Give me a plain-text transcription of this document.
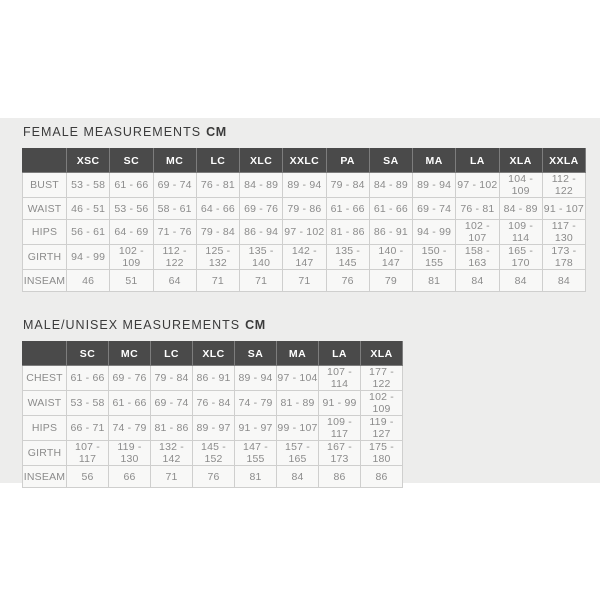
FEMALE MEASUREMENTS CM
	XSC	SC	MC	LC	XLC	XXLC	PA	SA	MA	LA	XLA	XXLA
BUST	53 - 58	61 - 66	69 - 74	76 - 81	84 - 89	89 - 94	79 - 84	84 - 89	89 - 94	97 - 102	104 - 109	112 - 122
WAIST	46 - 51	53 - 56	58 - 61	64 - 66	69 - 76	79 - 86	61 - 66	61 - 66	69 - 74	76 - 81	84 - 89	91 - 107
HIPS	56 - 61	64 - 69	71 - 76	79 - 84	86 - 94	97 - 102	81 - 86	86 - 91	94 - 99	102 - 107	109 - 114	117 - 130
GIRTH	94 - 99	102 - 109	112 - 122	125 - 132	135 - 140	142 - 147	135 - 145	140 - 147	150 - 155	158 - 163	165 - 170	173 - 178
INSEAM	46	51	64	71	71	71	76	79	81	84	84	84
MALE/UNISEX MEASUREMENTS CM
	SC	MC	LC	XLC	SA	MA	LA	XLA
CHEST	61 - 66	69 - 76	79 - 84	86 - 91	89 - 94	97 - 104	107 - 114	177 - 122
WAIST	53 - 58	61 - 66	69 - 74	76 - 84	74 - 79	81 - 89	91 - 99	102 - 109
HIPS	66 - 71	74 - 79	81 - 86	89 - 97	91 - 97	99 - 107	109 - 117	119 - 127
GIRTH	107 - 117	119 - 130	132 - 142	145 - 152	147 - 155	157 - 165	167 - 173	175 - 180
INSEAM	56	66	71	76	81	84	86	86
